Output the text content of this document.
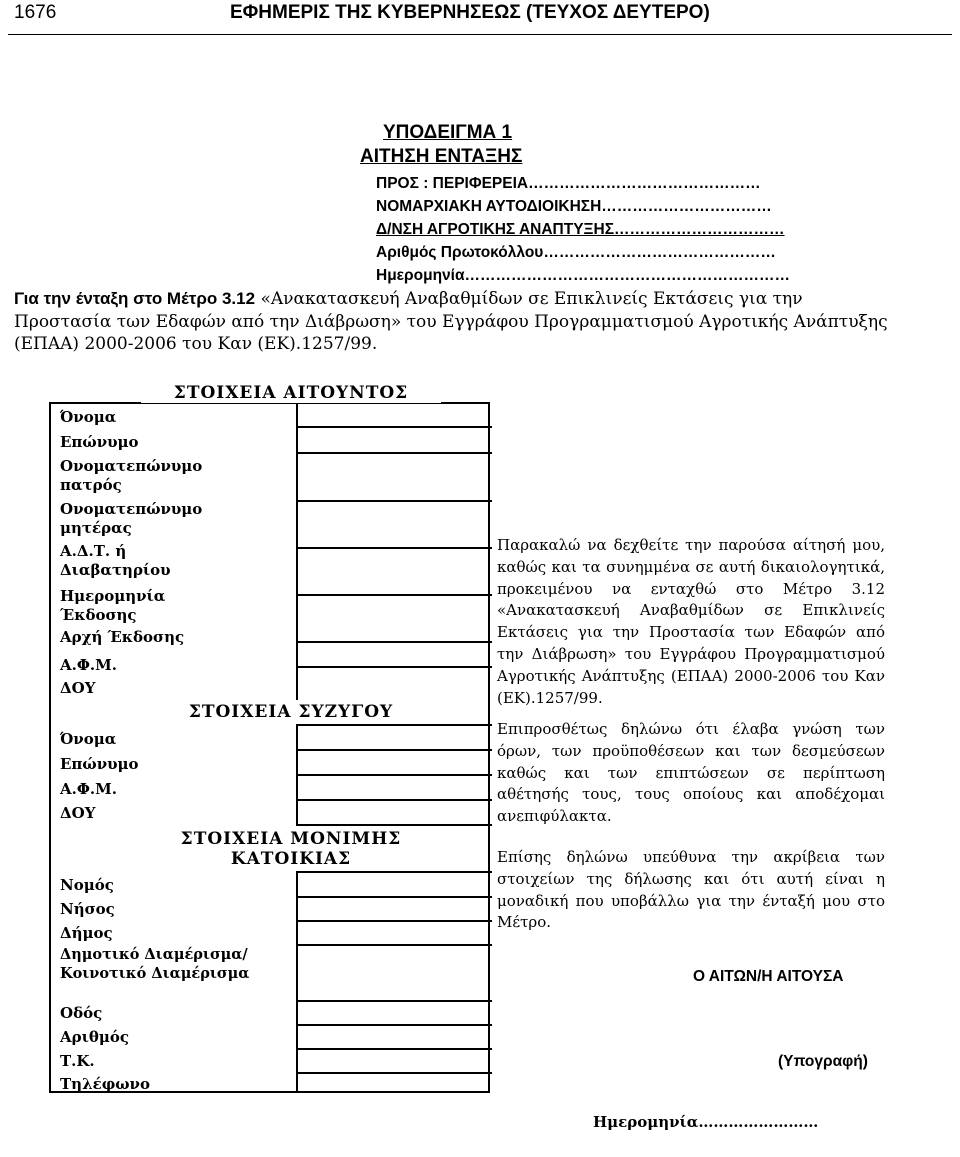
1676	ΕΦΗΜΕΡΙΣ ΤΗΣ ΚΥΒΕΡΝΗΣΕΩΣ (ΤΕΥΧΟΣ ΔΕΥΤΕΡΟ)
ΥΠΟΔΕΙΓΜΑ 1
ΑΙΤΗΣΗ ΕΝΤΑΞΗΣ
ΠΡΟΣ : ΠΕΡΙΦΕΡΕΙΑ………………………………………
ΝΟΜΑΡΧΙΑΚΗ ΑΥΤΟΔΙΟΙΚΗΣΗ……………………………
Δ/ΝΣΗ ΑΓΡΟΤΙΚΗΣ ΑΝΑΠΤΥΞΗΣ……………………………
Αριθμός Πρωτοκόλλου………………………………………
Ημερομηνία………………………………………………………
Για την ένταξη στο Μέτρο 3.12 «Ανακατασκευή Αναβαθμίδων σε Επικλινείς Εκτάσεις για την Προστασία των Εδαφών από την Διάβρωση» του Εγγράφου Προγραμματισμού Αγροτικής Ανάπτυξης (ΕΠΑΑ) 2000-2006 του Καν (ΕΚ).1257/99.
ΣΤΟΙΧΕΙΑ ΑΙΤΟΥΝΤΟΣ
Όνομα
Επώνυμο
Ονοματεπώνυμο πατρός
Ονοματεπώνυμο μητέρας
Α.Δ.Τ. ή Διαβατηρίου
Ημερομηνία Έκδοσης
Αρχή Έκδοσης
Α.Φ.Μ.
ΔΟΥ
ΣΤΟΙΧΕΙΑ ΣΥΖΥΓΟΥ
Όνομα
Επώνυμο
Α.Φ.Μ.
ΔΟΥ
ΣΤΟΙΧΕΙΑ ΜΟΝΙΜΗΣ
ΚΑΤΟΙΚΙΑΣ
Νομός
Νήσος
Δήμος
Δημοτικό Διαμέρισμα/Κοινοτικό Διαμέρισμα
Οδός
Αριθμός
Τ.Κ.
Τηλέφωνο
Παρακαλώ να δεχθείτε την παρούσα αίτησή μου, καθώς και τα συνημμένα σε αυτή δικαιολογητικά, προκειμένου να ενταχθώ στο Μέτρο 3.12 «Ανακατασκευή Αναβαθμίδων σε Επικλινείς Εκτάσεις για την Προστασία των Εδαφών από την Διάβρωση» του Εγγράφου Προγραμματισμού Αγροτικής Ανάπτυξης (ΕΠΑΑ) 2000-2006 του Καν (ΕΚ).1257/99.
Επιπροσθέτως δηλώνω ότι έλαβα γνώση των όρων, των προϋποθέσεων και των δεσμεύσεων καθώς και των επιπτώσεων σε περίπτωση αθέτησής τους, τους οποίους και αποδέχομαι ανεπιφύλακτα.
Επίσης δηλώνω υπεύθυνα την ακρίβεια των στοιχείων της δήλωσης και ότι αυτή είναι η μοναδική που υποβάλλω για την ένταξή μου στο Μέτρο.
Ο ΑΙΤΩΝ/Η ΑΙΤΟΥΣΑ
(Υπογραφή)
Ημερομηνία……………………
